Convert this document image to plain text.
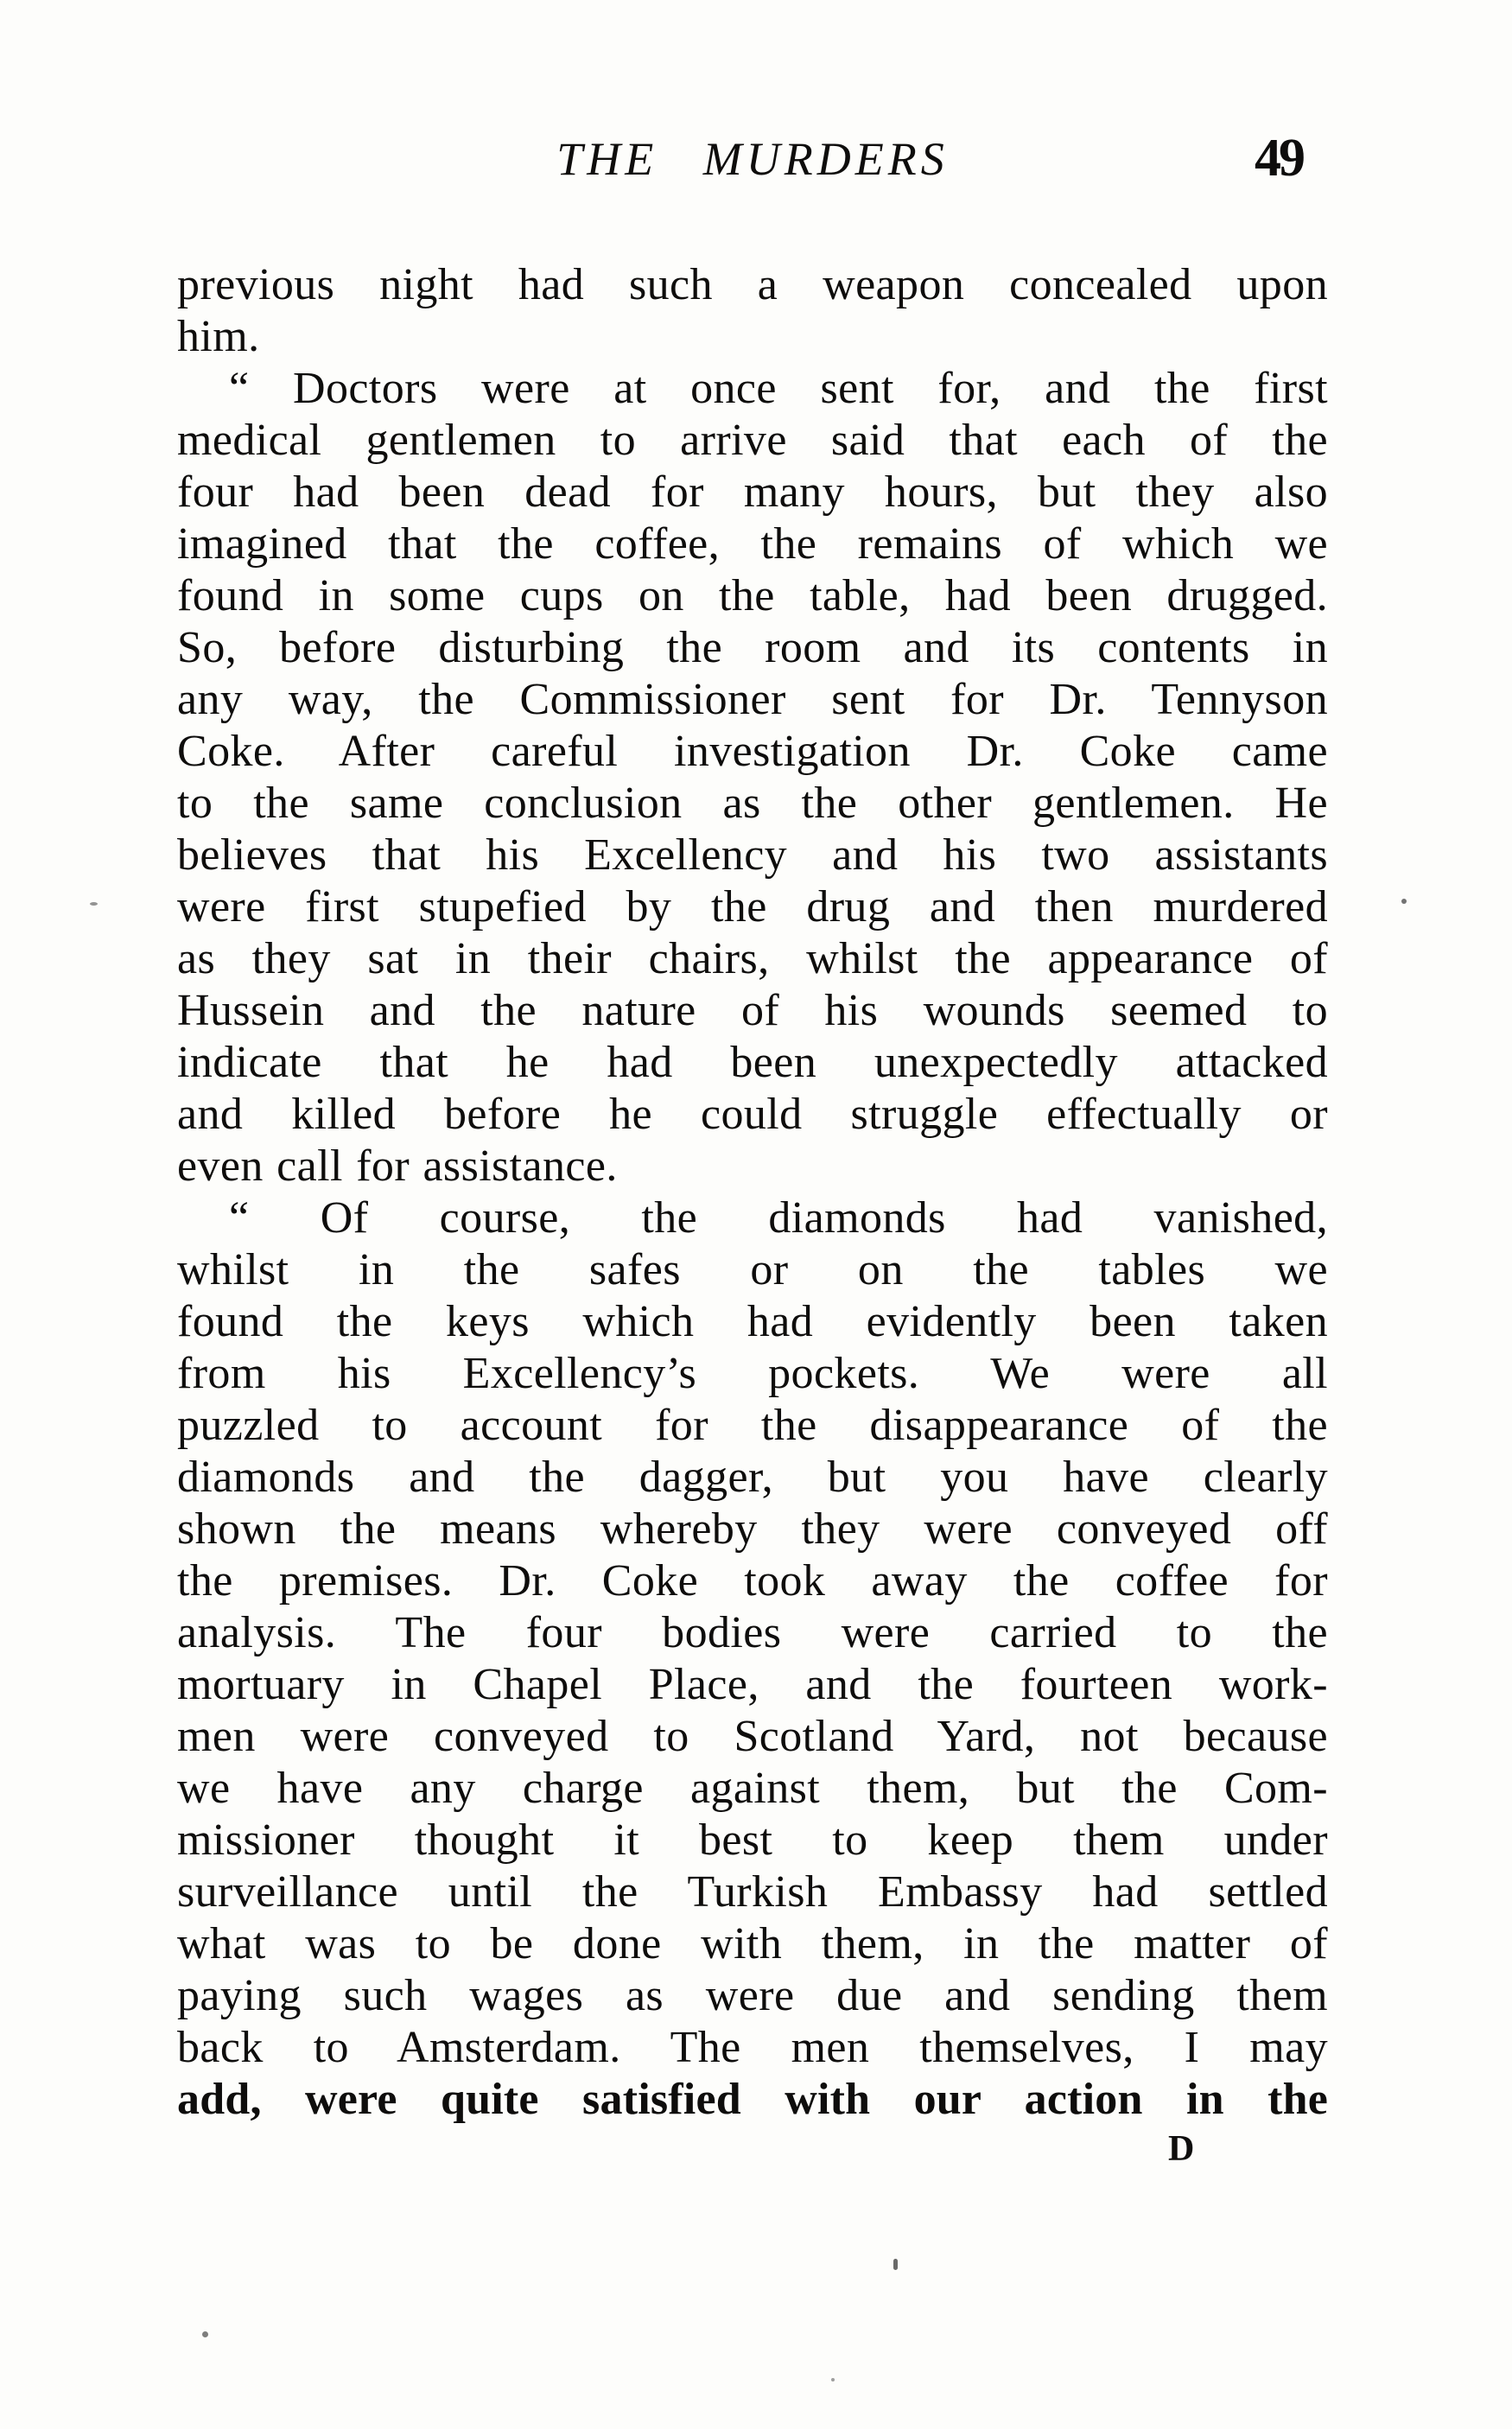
THE MURDERS	49
previous night had such a weapon concealed upon
him.
“ Doctors were at once sent for, and the first
medical gentlemen to arrive said that each of the
four had been dead for many hours, but they also
imagined that the coffee, the remains of which we
found in some cups on the table, had been drugged.
So, before disturbing the room and its contents in
any way, the Commissioner sent for Dr. Tennyson
Coke. After careful investigation Dr. Coke came
to the same conclusion as the other gentlemen. He
believes that his Excellency and his two assistants
were first stupefied by the drug and then murdered
as they sat in their chairs, whilst the appearance of
Hussein and the nature of his wounds seemed to
indicate that he had been unexpectedly attacked
and killed before he could struggle effectually or
even call for assistance.
“ Of course, the diamonds had vanished,
whilst in the safes or on the tables we
found the keys which had evidently been taken
from his Excellency’s pockets. We were all
puzzled to account for the disappearance of the
diamonds and the dagger, but you have clearly
shown the means whereby they were conveyed off
the premises. Dr. Coke took away the coffee for
analysis. The four bodies were carried to the
mortuary in Chapel Place, and the fourteen work-
men were conveyed to Scotland Yard, not because
we have any charge against them, but the Com-
missioner thought it best to keep them under
surveillance until the Turkish Embassy had settled
what was to be done with them, in the matter of
paying such wages as were due and sending them
back to Amsterdam. The men themselves, I may
add, were quite satisfied with our action in the
D
